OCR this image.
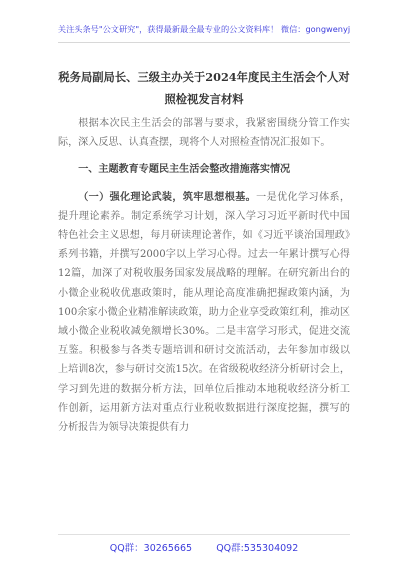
关注头条号"公文研究"，获得最新最全最专业的公文资料库！ 微信：gongwenyj
税务局副局长、三级主办关于2024年度民主生活会个人对
照检视发言材料

根据本次民主生活会的部署与要求，我紧密围绕分管工作实际，深入反思、认真查摆，现将个人对照检查情况汇报如下。

一、主题教育专题民主生活会整改措施落实情况

（一）强化理论武装，筑牢思想根基。一是优化学习体系，提升理论素养。制定系统学习计划，深入学习习近平新时代中国特色社会主义思想，每月研读理论著作，如《习近平谈治国理政》系列书籍，并撰写2000字以上学习心得。过去一年累计撰写心得12篇，加深了对税收服务国家发展战略的理解。在研究新出台的小微企业税收优惠政策时，能从理论高度准确把握政策内涵，为100余家小微企业精准解读政策，助力企业享受政策红利，推动区域小微企业税收减免额增长30%。二是丰富学习形式，促进交流互鉴。积极参与各类专题培训和研讨交流活动，去年参加市级以上培训8次，参与研讨交流15次。在省级税收经济分析研讨会上，学习到先进的数据分析方法，回单位后推动本地税收经济分析工作创新，运用新方法对重点行业税收数据进行深度挖掘，撰写的分析报告为领导决策提供有力

QQ群：30265665	QQ群:535304092
